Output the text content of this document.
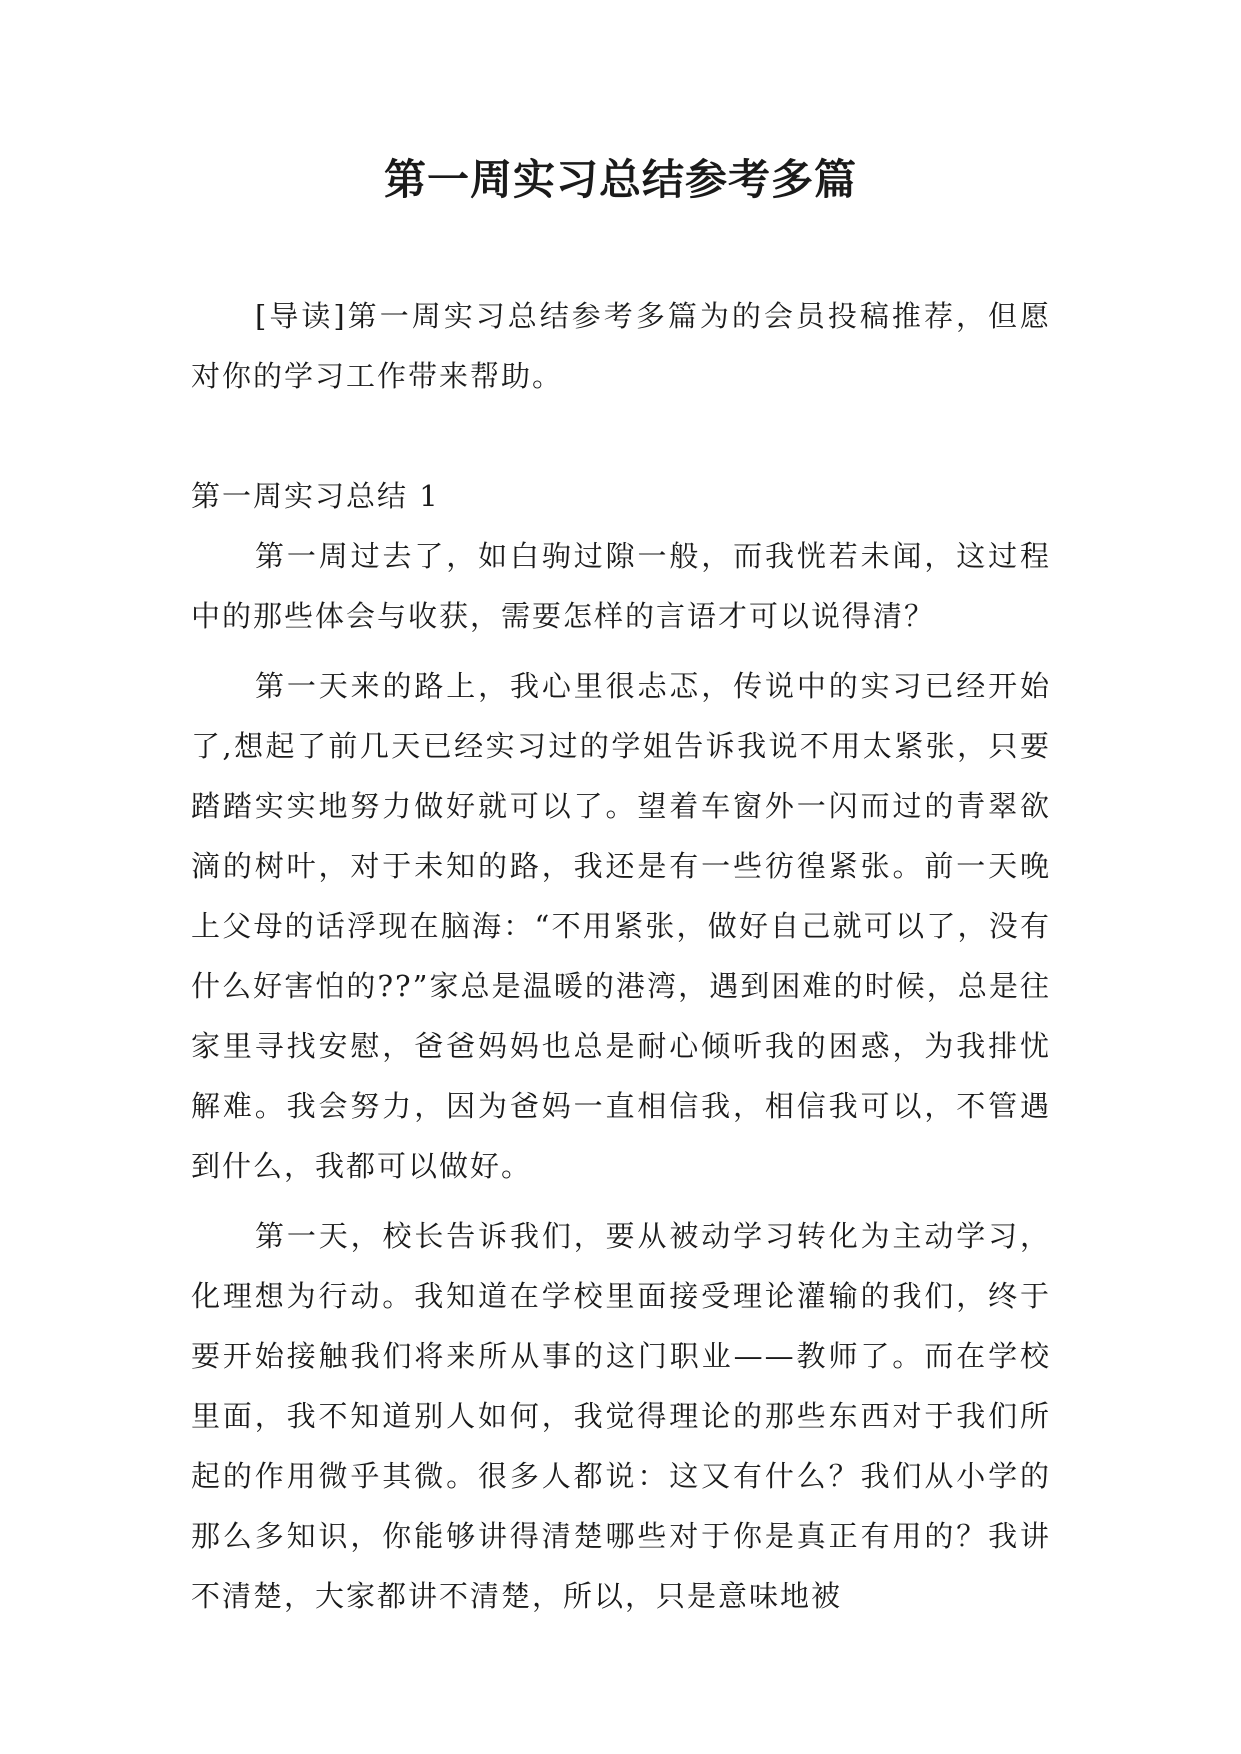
第一周实习总结参考多篇

[导读]第一周实习总结参考多篇为的会员投稿推荐，但愿对你的学习工作带来帮助。

第一周实习总结 1

第一周过去了，如白驹过隙一般，而我恍若未闻，这过程中的那些体会与收获，需要怎样的言语才可以说得清？

第一天来的路上，我心里很忐忑，传说中的实习已经开始了,想起了前几天已经实习过的学姐告诉我说不用太紧张，只要踏踏实实地努力做好就可以了。望着车窗外一闪而过的青翠欲滴的树叶，对于未知的路，我还是有一些彷徨紧张。前一天晚上父母的话浮现在脑海：“不用紧张，做好自己就可以了，没有什么好害怕的??”家总是温暖的港湾，遇到困难的时候，总是往家里寻找安慰，爸爸妈妈也总是耐心倾听我的困惑，为我排忧解难。我会努力，因为爸妈一直相信我，相信我可以，不管遇到什么，我都可以做好。

第一天，校长告诉我们，要从被动学习转化为主动学习，化理想为行动。我知道在学校里面接受理论灌输的我们，终于要开始接触我们将来所从事的这门职业——教师了。而在学校里面，我不知道别人如何，我觉得理论的那些东西对于我们所起的作用微乎其微。很多人都说：这又有什么？我们从小学的那么多知识，你能够讲得清楚哪些对于你是真正有用的？我讲不清楚，大家都讲不清楚，所以，只是意味地被
